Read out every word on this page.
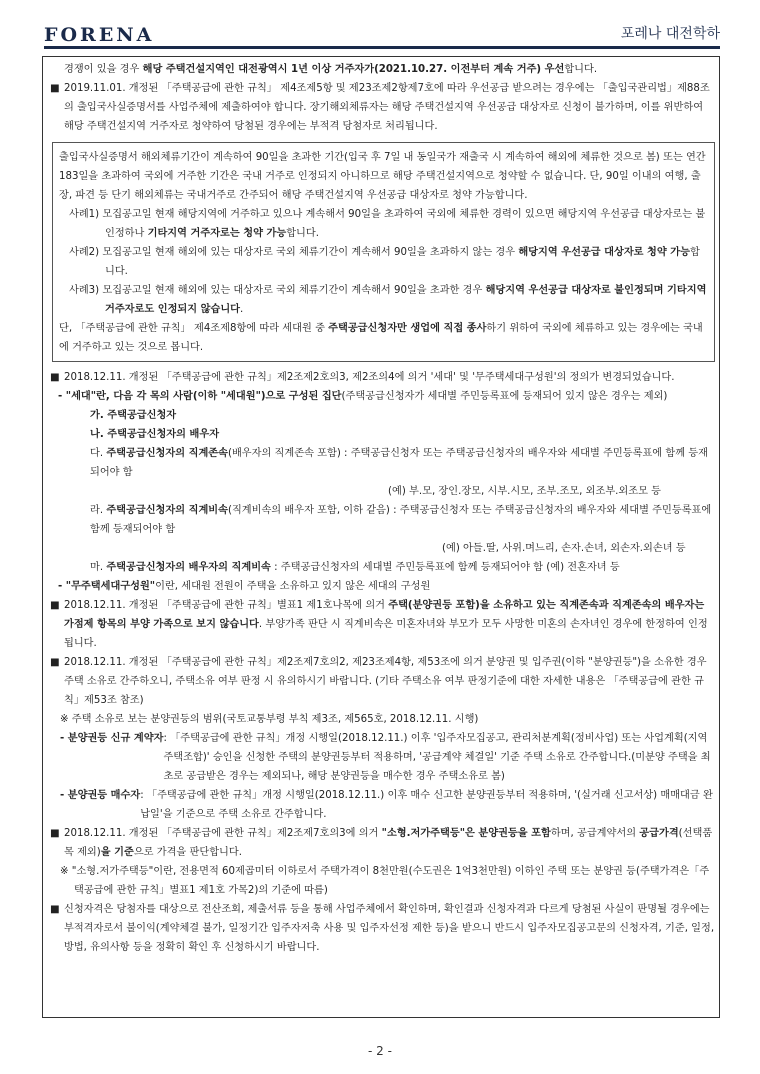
FORENA	포레나 대전학하

경쟁이 있을 경우 해당 주택건설지역인 대전광역시 1년 이상 거주자가(2021.10.27. 이전부터 계속 거주) 우선합니다.

■ 2019.11.01. 개정된 「주택공급에 관한 규칙」 제4조제5항 및 제23조제2항제7호에 따라 우선공급 받으려는 경우에는 「출입국관리법」제88조의 출입국사실증명서를 사업주체에 제출하여야 합니다. 장기해외체류자는 해당 주택건설지역 우선공급 대상자로 신청이 불가하며, 이를 위반하여 해당 주택건설지역 거주자로 청약하여 당첨된 경우에는 부적격 당첨자로 처리됩니다.

출입국사실증명서 해외체류기간이 계속하여 90일을 초과한 기간(입국 후 7일 내 동일국가 재출국 시 계속하여 해외에 체류한 것으로 봄) 또는 연간 183일을 초과하여 국외에 거주한 기간은 국내 거주로 인정되지 아니하므로 해당 주택건설지역으로 청약할 수 없습니다. 단, 90일 이내의 여행, 출장, 파견 등 단기 해외체류는 국내거주로 간주되어 해당 주택건설지역 우선공급 대상자로 청약 가능합니다.

사례1) 모집공고일 현재 해당지역에 거주하고 있으나 계속해서 90일을 초과하여 국외에 체류한 경력이 있으면 해당지역 우선공급 대상자로는 불인정하나 기타지역 거주자로는 청약 가능합니다.

사례2) 모집공고일 현재 해외에 있는 대상자로 국외 체류기간이 계속해서 90일을 초과하지 않는 경우 해당지역 우선공급 대상자로 청약 가능합니다.

사례3) 모집공고일 현재 해외에 있는 대상자로 국외 체류기간이 계속해서 90일을 초과한 경우 해당지역 우선공급 대상자로 불인정되며 기타지역 거주자로도 인정되지 않습니다.

단, 「주택공급에 관한 규칙」 제4조제8항에 따라 세대원 중 주택공급신청자만 생업에 직접 종사하기 위하여 국외에 체류하고 있는 경우에는 국내에 거주하고 있는 것으로 봅니다.

■ 2018.12.11. 개정된 「주택공급에 관한 규칙」제2조제2호의3, 제2조의4에 의거 '세대' 및 '무주택세대구성원'의 정의가 변경되었습니다.

- "세대"란, 다음 각 목의 사람(이하 "세대원")으로 구성된 집단(주택공급신청자가 세대별 주민등록표에 등재되어 있지 않은 경우는 제외)

가. 주택공급신청자

나. 주택공급신청자의 배우자

다. 주택공급신청자의 직계존속(배우자의 직계존속 포함) : 주택공급신청자 또는 주택공급신청자의 배우자와 세대별 주민등록표에 함께 등재되어야 함

(예) 부.모, 장인.장모, 시부.시모, 조부.조모, 외조부.외조모 등

라. 주택공급신청자의 직계비속(직계비속의 배우자 포함, 이하 같음) : 주택공급신청자 또는 주택공급신청자의 배우자와 세대별 주민등록표에 함께 등재되어야 함

(예) 아들.딸, 사위.며느리, 손자.손녀, 외손자.외손녀 등

마. 주택공급신청자의 배우자의 직계비속 : 주택공급신청자의 세대별 주민등록표에 함께 등재되어야 함 (예) 전혼자녀 등

- "무주택세대구성원"이란, 세대원 전원이 주택을 소유하고 있지 않은 세대의 구성원

■ 2018.12.11. 개정된 「주택공급에 관한 규칙」별표1 제1호나목에 의거 주택(분양권등 포함)을 소유하고 있는 직계존속과 직계존속의 배우자는 가점제 항목의 부양 가족으로 보지 않습니다. 부양가족 판단 시 직계비속은 미혼자녀와 부모가 모두 사망한 미혼의 손자녀인 경우에 한정하여 인정됩니다.

■ 2018.12.11. 개정된 「주택공급에 관한 규칙」제2조제7호의2, 제23조제4항, 제53조에 의거 분양권 및 입주권(이하 "분양권등")을 소유한 경우 주택 소유로 간주하오니, 주택소유 여부 판정 시 유의하시기 바랍니다. (기타 주택소유 여부 판정기준에 대한 자세한 내용은 「주택공급에 관한 규칙」제53조 참조)

※ 주택 소유로 보는 분양권등의 범위(국토교통부령 부칙 제3조, 제565호, 2018.12.11. 시행)

- 분양권등 신규 계약자 : 「주택공급에 관한 규칙」개정 시행일(2018.12.11.) 이후 '입주자모집공고, 관리처분계획(정비사업) 또는 사업계획(지역주택조합)' 승인을 신청한 주택의 분양권등부터 적용하며, '공급계약 체결일' 기준 주택 소유로 간주합니다.(미분양 주택을 최초로 공급받은 경우는 제외되나, 해당 분양권등을 매수한 경우 주택소유로 봄)
- 분양권등 매수자 : 「주택공급에 관한 규칙」개정 시행일(2018.12.11.) 이후 매수 신고한 분양권등부터 적용하며, '(실거래 신고서상) 매매대금 완납일'을 기준으로 주택 소유로 간주합니다.

■ 2018.12.11. 개정된 「주택공급에 관한 규칙」제2조제7호의3에 의거 "소형.저가주택등"은 분양권등을 포함하며, 공급계약서의 공급가격(선택품목 제외)을 기준으로 가격을 판단합니다.

※ "소형.저가주택등"이란, 전용면적 60제곱미터 이하로서 주택가격이 8천만원(수도권은 1억3천만원) 이하인 주택 또는 분양권 등(주택가격은「주택공급에 관한 규칙」별표1 제1호 가목2)의 기준에 따름)

■ 신청자격은 당첨자를 대상으로 전산조회, 제출서류 등을 통해 사업주체에서 확인하며, 확인결과 신청자격과 다르게 당첨된 사실이 판명될 경우에는 부적격자로서 불이익(계약체결 불가, 일정기간 입주자저축 사용 및 입주자선정 제한 등)을 받으니 반드시 입주자모집공고문의 신청자격, 기준, 일정, 방법, 유의사항 등을 정확히 확인 후 신청하시기 바랍니다.

- 2 -
